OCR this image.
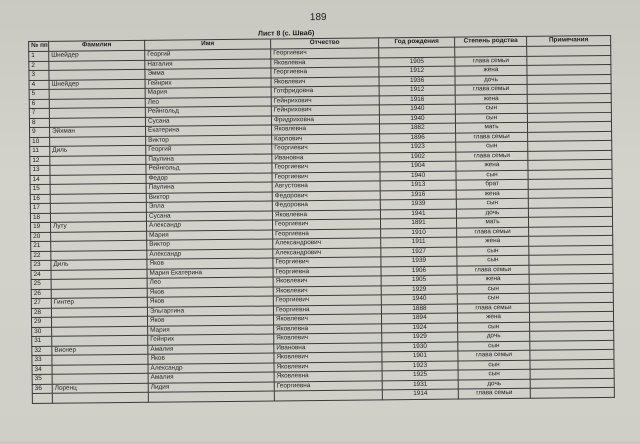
189
Лист 8 (с. Шваб)
№ пп	Фамилия	Имя	Отчество	Год рождения	Степень родства	Примечания
1	Шнейдер	Георгий	Георгиевич			
2		Наталия	Яковлевна	1905	глава семьи	
3		Эмма	Георгиевна	1912	жена	
4	Шнейдер	Гейнрих	Яковлевич	1936	дочь	
5		Мария	Готфридовна	1912	глава семьи	
6		Лео	Гейнрихович	1916	жена	
7		Рейнгольд	Гейнрихович	1940	сын	
8		Сусана	Фридриховна	1940	сын	
9	Эйхман	Екатерина	Яковлевна	1882	мать	
10		Виктор	Карлович	1896	глава семьи	
11	Диль	Георгий	Георгиевич	1923	сын	
12		Паулина	Ивановна	1902	глава семьи	
13		Рейнгольд	Георгиевич	1904	жена	
14		Федор	Георгиевич	1940	сын	
15		Паулина	Августовна	1913	брат	
16		Виктор	Федорович	1916	жена	
17		Элла	Федоровна	1939	сын	
18		Сусана	Яковлевна	1941	дочь	
19	Луту	Александр	Георгиевич	1891	мать	
20		Мария	Георгиевна	1910	глава семьи	
21		Виктор	Александрович	1911	жена	
22		Александр	Александрович	1927	сын	
23	Диль	Яков	Георгиевич	1939	сын	
24		Мария Екатерина	Георгиевна	1906	глава семьи	
25		Лео	Яковлевич	1905	жена	
26		Яков	Яковлевич	1929	сын	
27	Гинтер	Яков	Георгиевич	1940	сын	
28		Эльгартина	Георгиевна	1888	глава семьи	
29		Яков	Яковлевич	1894	жена	
30		Мария	Яковлевна	1924	сын	
31		Гейнрих	Яковлевич	1929	дочь	
32	Виснер	Амалия	Ивановна	1930	сын	
33		Яков	Яковлевич	1901	глава семьи	
34		Александр	Яковлевич	1923	сын	
35		Амалия	Яковлевна	1925	сын	
36	Лоренц	Лидия	Георгиевна	1931	дочь	
				1914	глава семьи	
